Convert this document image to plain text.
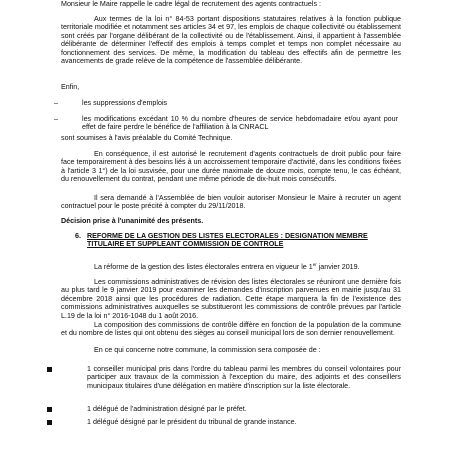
Monsieur le Maire rappelle le cadre légal de recrutement des agents contractuels :

Aux termes de la loi n° 84-53 portant dispositions statutaires relatives à la fonction publique territoriale modifiée et notamment ses articles 34 et 97, les emplois de chaque collectivité ou établissement sont créés par l'organe délibérant de la collectivité ou de l'établissement. Ainsi, il appartient à l'assemblée délibérante de déterminer l'effectif des emplois à temps complet et temps non complet nécessaire au fonctionnement des services. De même, la modification du tableau des effectifs afin de permettre les avancements de grade relève de la compétence de l'assemblée délibérante.

Enfin,

–	les suppressions d'emplois
–	les modifications excédant 10 % du nombre d'heures de service hebdomadaire et/ou ayant pour effet de faire perdre le bénéfice de l'affiliation à la CNRACL

sont soumises à l'avis préalable du Comité Technique.

En conséquence, il est autorisé le recrutement d'agents contractuels de droit public pour faire face temporairement à des besoins liés à un accroissement temporaire d'activité, dans les conditions fixées à l'article 3 1°) de la loi susvisée, pour une durée maximale de douze mois, compte tenu, le cas échéant, du renouvellement du contrat, pendant une même période de dix-huit mois consécutifs.

Il sera demandé à l'Assemblée de bien vouloir autoriser Monsieur le Maire à recruter un agent contractuel pour le poste précité à compter du 29/11/2018.

Décision prise à l'unanimité des présents.

6. REFORME DE LA GESTION DES LISTES ELECTORALES : DESIGNATION MEMBRE TITULAIRE ET SUPPLEANT COMMISSION DE CONTROLE

La réforme de la gestion des listes électorales entrera en vigueur le 1er janvier 2019.

Les commissions administratives de révision des listes électorales se réuniront une dernière fois au plus tard le 9 janvier 2019 pour examiner les demandes d'inscription parvenues en mairie jusqu'au 31 décembre 2018 ainsi que les procédures de radiation. Cette étape marquera la fin de l'existence des commissions administratives auxquelles se substitueront les commissions de contrôle prévues par l'article L.19 de la loi n° 2016-1048 du 1 août 2016.

La composition des commissions de contrôle diffère en fonction de la population de la commune et du nombre de listes qui ont obtenu des sièges au conseil municipal lors de son dernier renouvellement.

En ce qui concerne notre commune, la commission sera composée de :

1 conseiller municipal pris dans l'ordre du tableau parmi les membres du conseil volontaires pour participer aux travaux de la commission à l'exception du maire, des adjoints et des conseillers municipaux titulaires d'une délégation en matière d'inscription sur la liste électorale.

1 délégué de l'administration désigné par le préfet.

1 délégué désigné par le président du tribunal de grande instance.
